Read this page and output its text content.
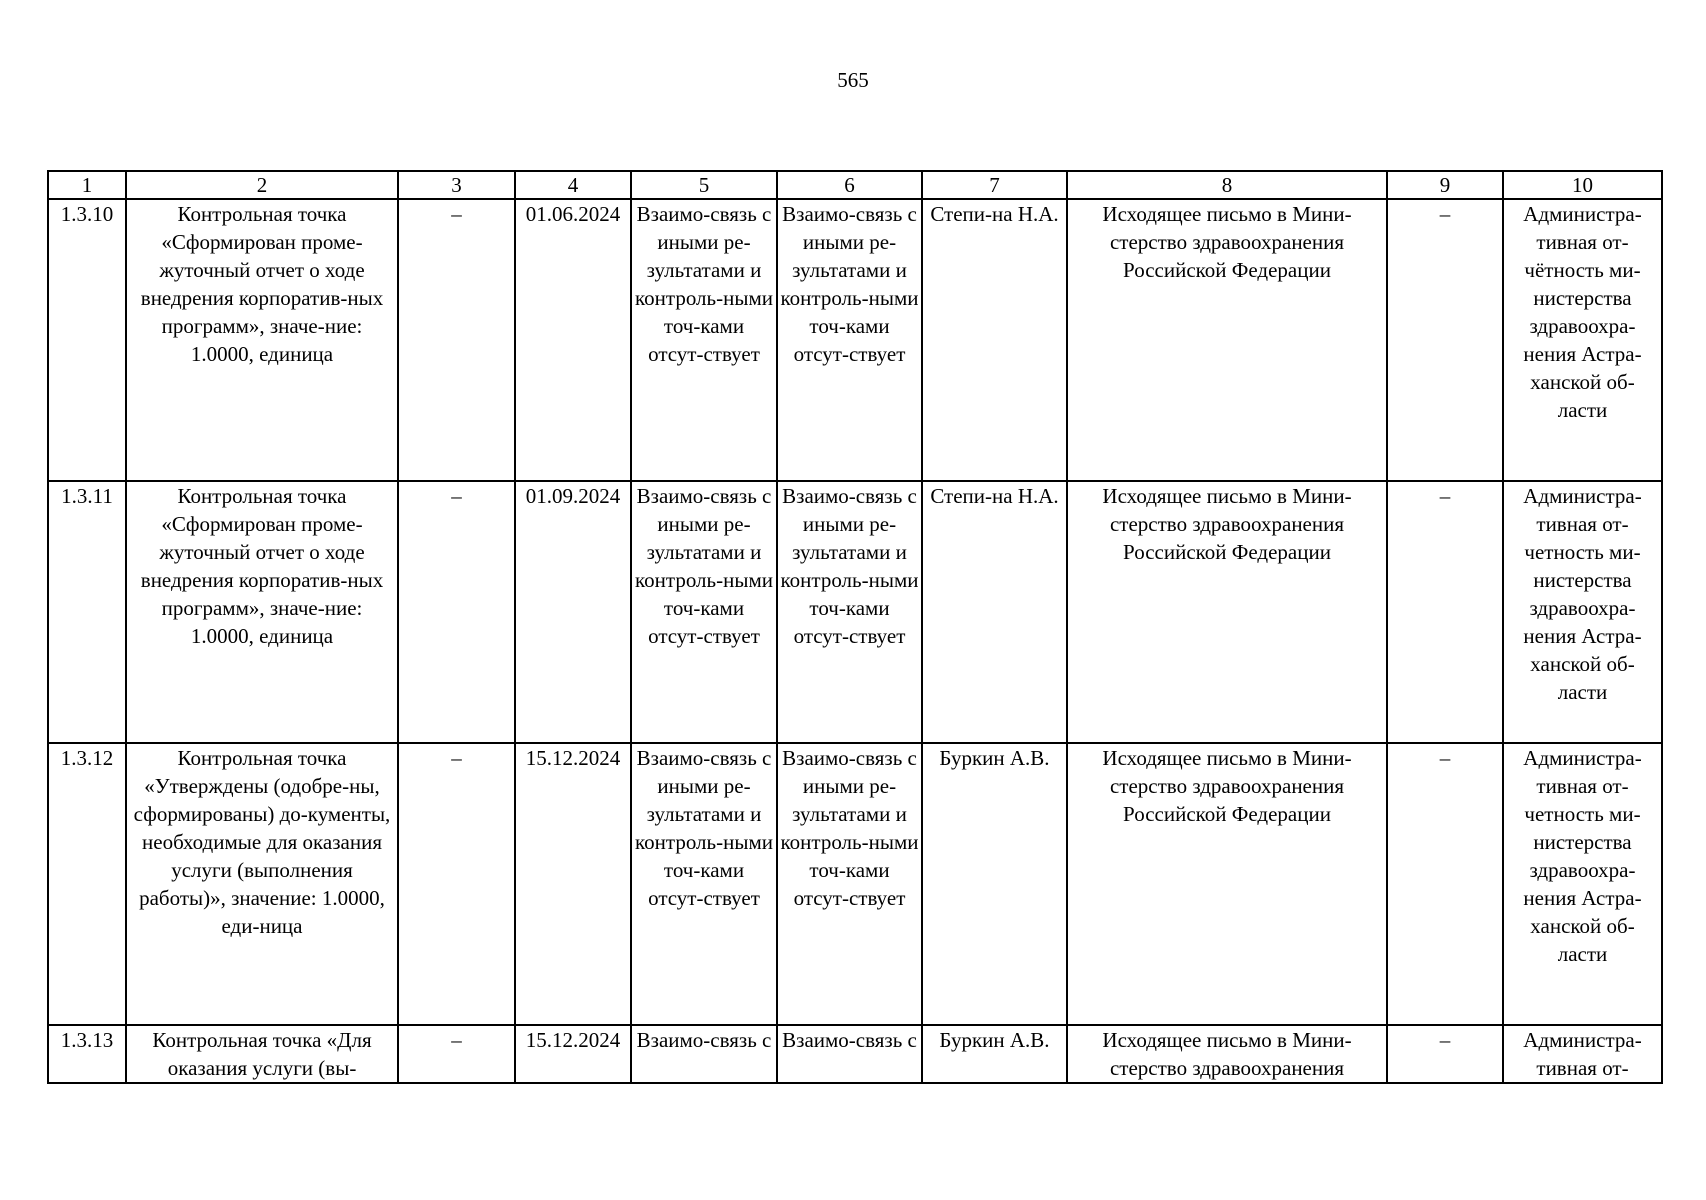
565
1	2	3	4	5	6	7	8	9	10
1.3.10	Контрольная точка «Сформирован проме-жуточный отчет о ходе внедрения корпоратив-ных программ», значе-ние: 1.0000, единица	–	01.06.2024	Взаимо-связь с иными ре-зультатами и контроль-ными точ-ками отсут-ствует	Взаимо-связь с иными ре-зультатами и контроль-ными точ-ками отсут-ствует	Степи-на Н.А.	Исходящее письмо в Мини-стерство здравоохранения Российской Федерации	–	Администра-тивная от-чётность ми-нистерства здравоохра-нения Астра-ханской об-ласти
1.3.11	Контрольная точка «Сформирован проме-жуточный отчет о ходе внедрения корпоратив-ных программ», значе-ние: 1.0000, единица	–	01.09.2024	Взаимо-связь с иными ре-зультатами и контроль-ными точ-ками отсут-ствует	Взаимо-связь с иными ре-зультатами и контроль-ными точ-ками отсут-ствует	Степи-на Н.А.	Исходящее письмо в Мини-стерство здравоохранения Российской Федерации	–	Администра-тивная от-четность ми-нистерства здравоохра-нения Астра-ханской об-ласти
1.3.12	Контрольная точка «Утверждены (одобре-ны, сформированы) до-кументы, необходимые для оказания услуги (выполнения работы)», значение: 1.0000, еди-ница	–	15.12.2024	Взаимо-связь с иными ре-зультатами и контроль-ными точ-ками отсут-ствует	Взаимо-связь с иными ре-зультатами и контроль-ными точ-ками отсут-ствует	Буркин А.В.	Исходящее письмо в Мини-стерство здравоохранения Российской Федерации	–	Администра-тивная от-четность ми-нистерства здравоохра-нения Астра-ханской об-ласти
1.3.13	Контрольная точка «Для оказания услуги (вы-	–	15.12.2024	Взаимо-связь с	Взаимо-связь с	Буркин А.В.	Исходящее письмо в Мини-стерство здравоохранения	–	Администра-тивная от-
